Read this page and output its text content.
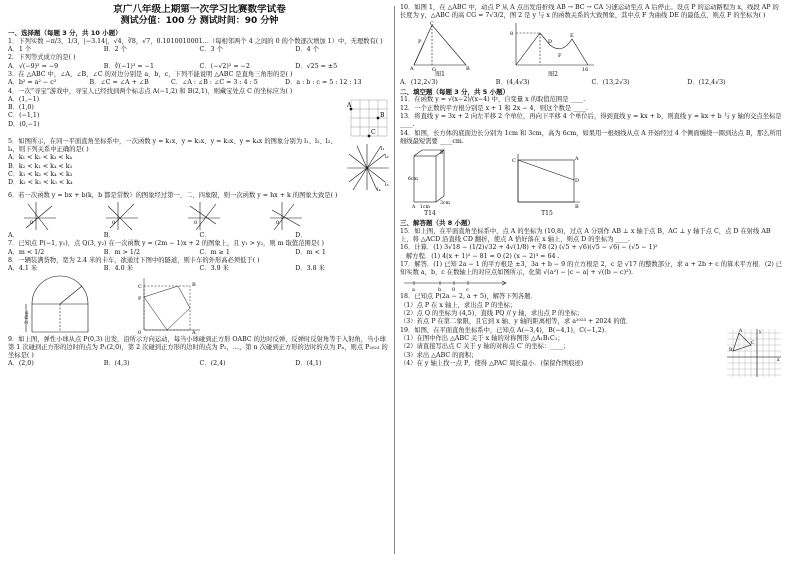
京广八年级上期第一次学习比赛数学试卷
测试分值：100 分 测试时间：90 分钟
一、选择题（每题 3 分，共 10 小题）
1．下列实数 −π/3，1/3，|−3.14|，√4，∛8，√7，0.1010010001…（每相邻两个 4 之间的 0 的个数逐次增加 1）中，无理数有( )
A．1 个	B．2 个	C．3 个	D．4 个
2．下列等式成立的是( )
A．√(−9)² = −9	B．∛(−1)³ = −1	C．(−√2)² = −2	D．√25 = ±5
3．在 △ABC 中，∠A，∠B，∠C 的对边分别是 a，b，c，下列不能说明 △ABC 是直角三角形的是( )
A．b² = a² − c²	B．∠C = ∠A + ∠B	C．∠A : ∠B : ∠C = 3 : 4 : 5	D．a : b : c = 5 : 12 : 13
4．一次“寻宝”游戏中，寻宝人已经找到两个标志点 A(−1,2) 和 B(2,1)，则藏宝处点 C 的坐标应为( )
A．(1,−1)
B．(1,0)
C．(−1,1)
D．(0,−1)
A
B
C
5．如图所示，在同一平面直角坐标系中，一次函数 y = k₁x、y = k₂x、y = k₃x、y = k₄x 的图象分别为 l₁、l₂、l₃、l₄，则下列关系中正确的是( )
A．k₁ < k₂ < k₃ < k₄
B．k₂ < k₁ < k₄ < k₃
C．k₁ < k₂ < k₄ < k₃
D．k₂ < k₁ < k₃ < k₄
l₁
l₂
l₃
l₄
6．若一次函数 y = bx + b(k，b 都是常数）的图象经过第一、二、四象限，则一次函数 y = hx + k 的图象大致是( )
0	0	0	0
A．	B．	C．	D．
7．已知点 P(−1, y₁)，点 Q(3, y₂) 在一次函数 y = (2m − 1)x + 2 的图象上，且 y₁ > y₂，则 m 取值范围是( )
A．m < 1/2	B．m > 1/2	C．m ≥ 1	D．m < 1
8．一辆装满货物，宽为 2.4 米的卡车，欲通过下图中的隧道，则卡车的外形高必须低于( )
A．4.1 米	B．4.0 米	C．3.9 米	D．3.8 米
2.6m
P
B
A
0
C
9．如上图，弹性小球从点 P(0,3) 出发，沿所示方向运动，每当小球碰到正方形 OABC 的边时反弹，反弹时反射角等于入射角，当小球第 1 次碰到正方形的边时的点为 P₁(2,0)，第 2 次碰到正方形的边时的点为 P₂，…，第 n 次碰到正方形的边时的点为 Pₙ，则点 P₂₀₂₃ 的坐标是( )
A．(2,0)	B．(4,3)	C．(2,4)	D．(4,1)
10．如图 1，在 △ABC 中，动点 P 从 A 点出发沿折线 AB → BC → CA 匀速运动至点 A 后停止。设点 P 的运动路程为 x，线段 AP 的长度为 y，△ABC 的高 CG = 7√3/2，图 2 是 y 与 x 的函数关系的大致图象，其中点 F 为曲线 DE 的最低点，则点 F 的坐标为( )
A
C
B
G
P
图1
8
16
D
E
F
图2
A．(12,2√3)	B．(4,4√3)	C．(13,2√3)	D．(12,4√3)
二、填空题（每题 3 分，共 5 小题）
11．在函数 y = √(x−2)/(x−4) 中，自变量 x 的取值范围是 ____.
12．一个正数的平方根分别是 x + 1 和 2x − 4，则这个数是 ____.
13．将直线 y = 3x + 2 向左平移 2 个单位，再向下平移 4 个单位后，得到直线 y = kx + b，则直线 y = kx + b 与 y 轴的交点坐标是 ____.
14．如图，长方体的底面边长分别为 1cm 和 3cm，高为 6cm，如果用一根细线从点 A 开始经过 4 个侧面缠绕一圈到达点 B，那么所用细线最短需要 ____cm.
6cm
1cm
3cm
A
B
T14
C	A
D
B
T15
三、解答题（共 8 小题）
15．如上图，在平面直角坐标系中，点 A 的坐标为 (10,8)，过点 A 分别作 AB ⊥ x 轴于点 B，AC ⊥ y 轴于点 C，点 D 在射线 AB 上，将 △ACD 沿直线 CD 翻折，使点 A 恰好落在 x 轴上，则点 D 的坐标为 ____.
16．计算．(1) 3√18 − (1/2)√32 + 4√(1/8) + ∛8 (2) (√5 + √6)(√5 − √6) − (√5 − 1)²
解方程．(1) 4(x + 1)² − 81 = 0 (2) (x − 2)³ = 64 .
17．解答．(1) 已知 2a − 1 的平方根是 ±3，3a + b − 9 的立方根是 2，c 是 √17 的整数部分，求 a + 2b + c 的算术平方根．(2) 已知实数 a，b，c 在数轴上的对应点如图所示，化简 √(a²) − |c − a| + √((b − c)²).
a	b 0 c
18．已知点 P(2a − 2, a + 5)，解答下列各题．
（1）点 P 在 x 轴上，求出点 P 的坐标；
（2）点 Q 的坐标为 (4,5)，直线 PQ // y 轴，求出点 P 的坐标；
（3）若点 P 在第二象限，且它到 x 轴、y 轴的距离相等，求 a²⁰²³ + 2024 的值．
19．如图，在平面直角坐标系中，已知点 A(−3,4)，B(−4,1)，C(−1,2)．
（1）在图中作出 △ABC 关于 x 轴的对称图形 △A₁B₁C₁；
（2）请直接写出点 C 关于 y 轴的对称点 C′ 的坐标：____；
（3）求出 △ABC 的面积；
（4）在 y 轴上找一点 P，使得 △PAC 周长最小．(保留作图痕迹)
A
B
C
x
y
